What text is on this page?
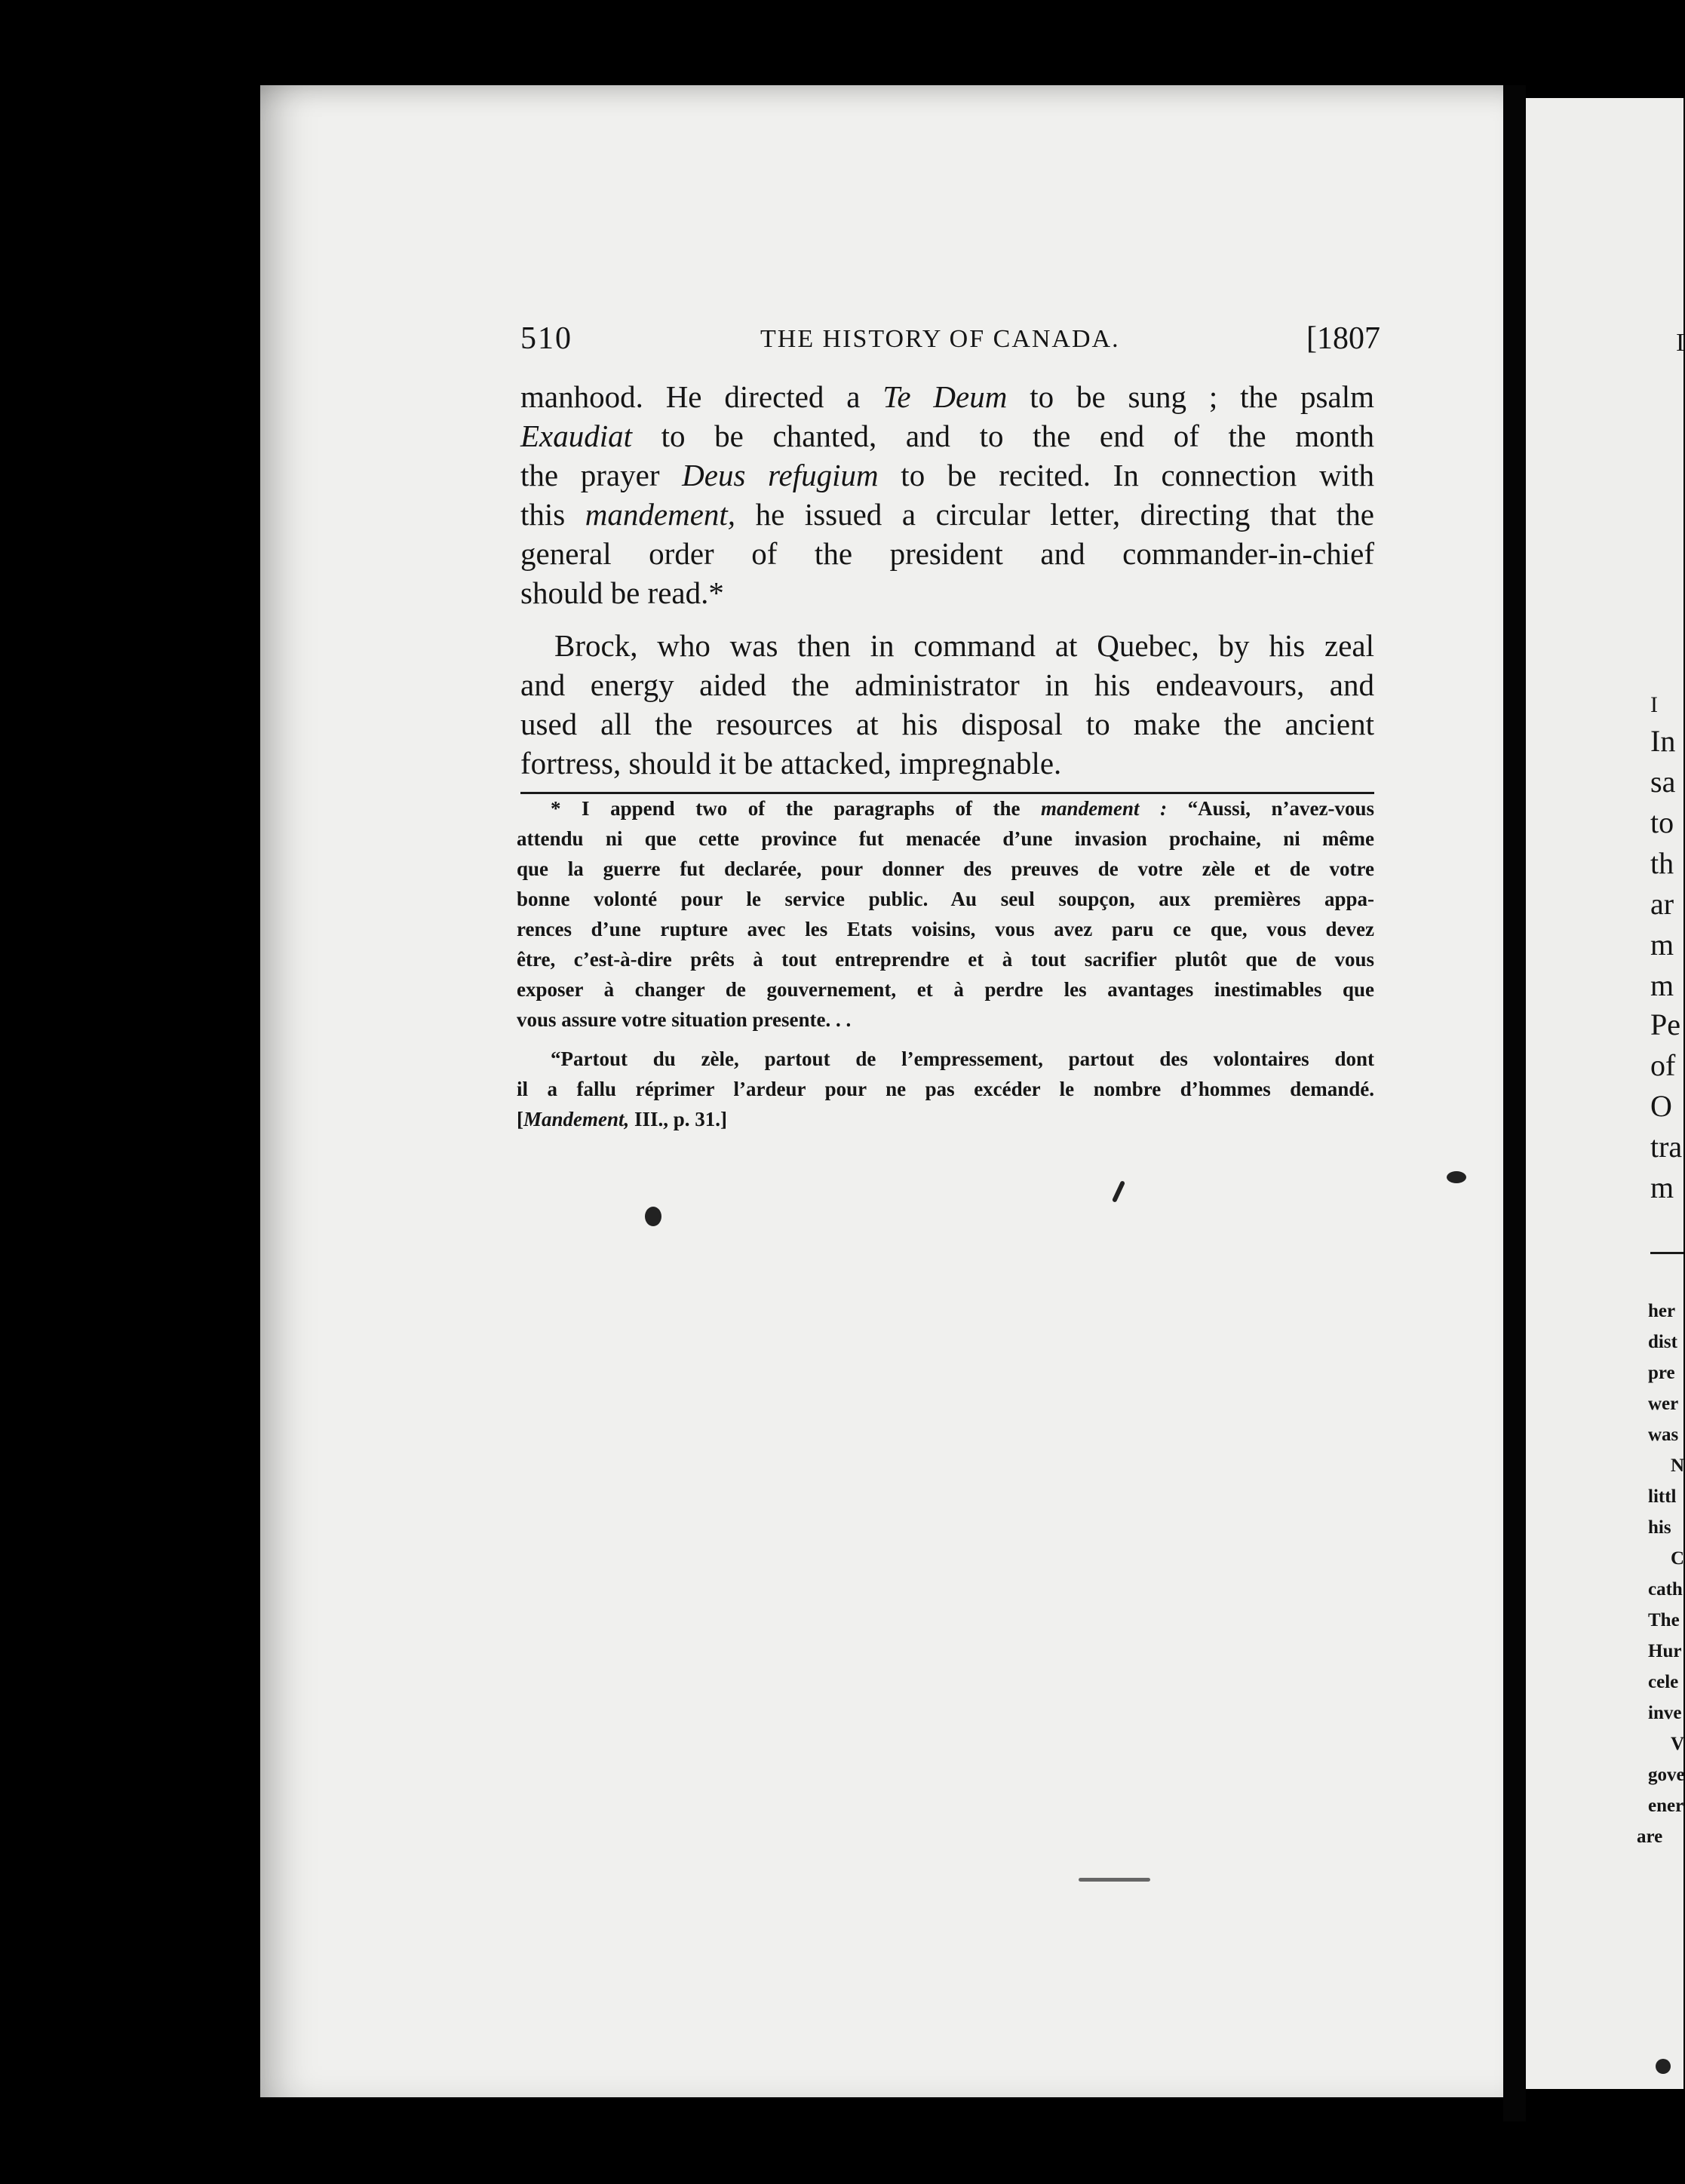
510	THE HISTORY OF CANADA.	[1807
manhood. He directed a Te Deum to be sung ; the psalm
Exaudiat to be chanted, and to the end of the month
the prayer Deus refugium to be recited. In connection with
this mandement, he issued a circular letter, directing that the
general order of the president and commander-in-chief
should be read.*
Brock, who was then in command at Quebec, by his zeal
and energy aided the administrator in his endeavours, and
used all the resources at his disposal to make the ancient
fortress, should it be attacked, impregnable.
* I append two of the paragraphs of the mandement : “Aussi, n’avez-vous
attendu ni que cette province fut menacée d’une invasion prochaine, ni même
que la guerre fut declarée, pour donner des preuves de votre zèle et de votre
bonne volonté pour le service public. Au seul soupçon, aux premières appa-
rences d’une rupture avec les Etats voisins, vous avez paru ce que, vous devez
être, c’est-à-dire prêts à tout entreprendre et à tout sacrifier plutôt que de vous
exposer à changer de gouvernement, et à perdre les avantages inestimables que
vous assure votre situation presente. . .
“Partout du zèle, partout de l’empressement, partout des volontaires dont
il a fallu réprimer l’ardeur pour ne pas excéder le nombre d’hommes demandé.
[Mandement, III., p. 31.]
I
I
In
sa
to
th
ar
m
m
Pe
of
O
tra
m
her
dist
pre
wer
was
N
littl
his
C
cath
The
Hur
cele
inve
V
gove
ener
are
